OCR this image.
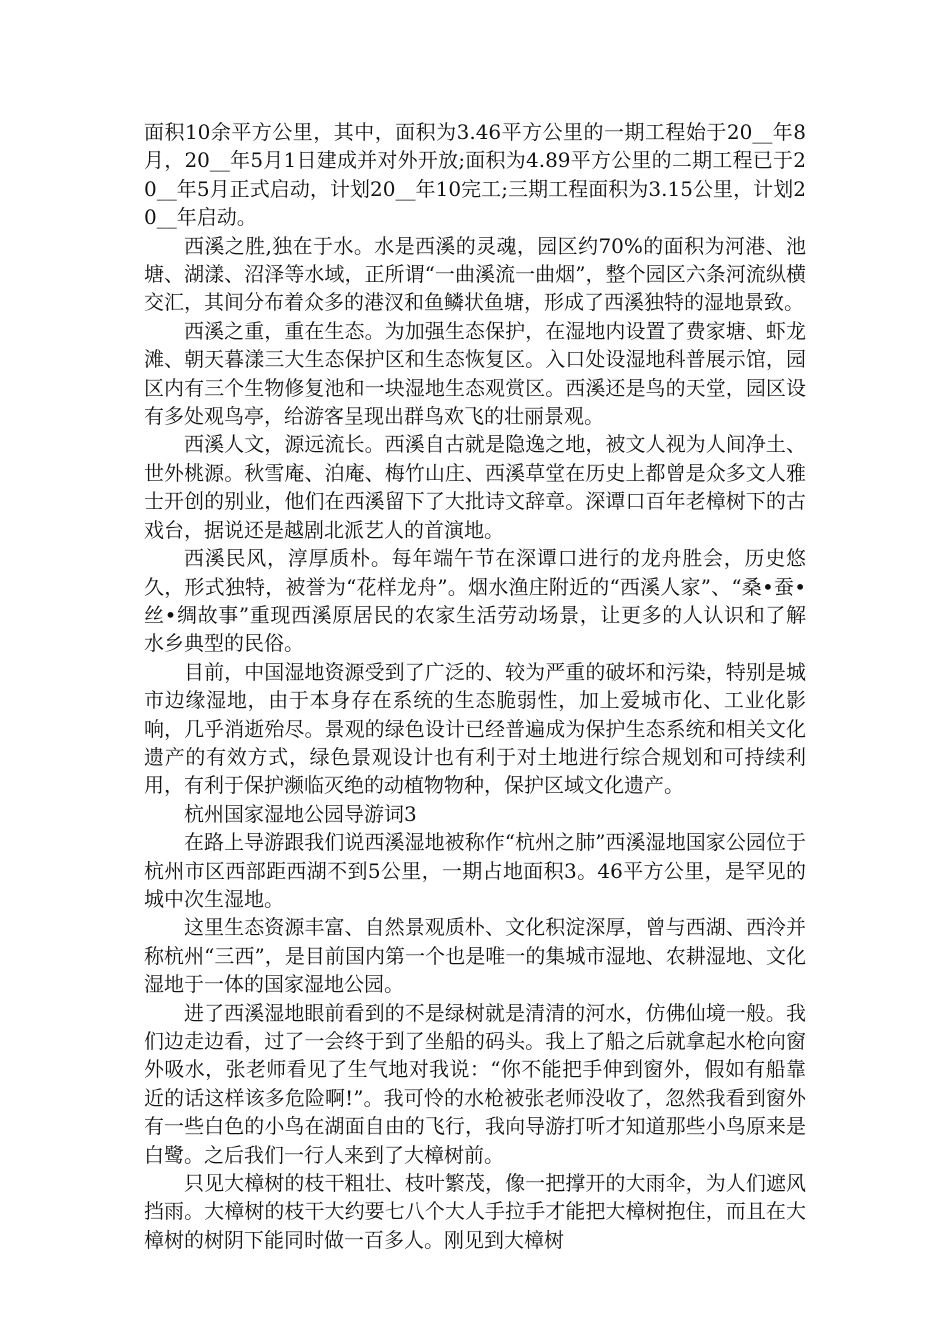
面积10余平方公里，其中，面积为3.46平方公里的一期工程始于20__年8月，20__年5月1日建成并对外开放;面积为4.89平方公里的二期工程已于20__年5月正式启动，计划20__年10完工;三期工程面积为3.15公里，计划20__年启动。

西溪之胜,独在于水。水是西溪的灵魂，园区约70%的面积为河港、池塘、湖漾、沼泽等水域，正所谓“一曲溪流一曲烟”，整个园区六条河流纵横交汇，其间分布着众多的港汊和鱼鳞状鱼塘，形成了西溪独特的湿地景致。

西溪之重，重在生态。为加强生态保护，在湿地内设置了费家塘、虾龙滩、朝天暮漾三大生态保护区和生态恢复区。入口处设湿地科普展示馆，园区内有三个生物修复池和一块湿地生态观赏区。西溪还是鸟的天堂，园区设有多处观鸟亭，给游客呈现出群鸟欢飞的壮丽景观。

西溪人文，源远流长。西溪自古就是隐逸之地，被文人视为人间净土、世外桃源。秋雪庵、泊庵、梅竹山庄、西溪草堂在历史上都曾是众多文人雅士开创的别业，他们在西溪留下了大批诗文辞章。深谭口百年老樟树下的古戏台，据说还是越剧北派艺人的首演地。

西溪民风，淳厚质朴。每年端午节在深谭口进行的龙舟胜会，历史悠久，形式独特，被誉为“花样龙舟”。烟水渔庄附近的“西溪人家”、“桑•蚕•丝•绸故事”重现西溪原居民的农家生活劳动场景，让更多的人认识和了解水乡典型的民俗。

目前，中国湿地资源受到了广泛的、较为严重的破坏和污染，特别是城市边缘湿地，由于本身存在系统的生态脆弱性，加上爱城市化、工业化影响，几乎消逝殆尽。景观的绿色设计已经普遍成为保护生态系统和相关文化遗产的有效方式，绿色景观设计也有利于对土地进行综合规划和可持续利用，有利于保护濒临灭绝的动植物物种，保护区域文化遗产。

杭州国家湿地公园导游词3

在路上导游跟我们说西溪湿地被称作“杭州之肺”西溪湿地国家公园位于杭州市区西部距西湖不到5公里，一期占地面积3。46平方公里，是罕见的城中次生湿地。

这里生态资源丰富、自然景观质朴、文化积淀深厚，曾与西湖、西泠并称杭州“三西”，是目前国内第一个也是唯一的集城市湿地、农耕湿地、文化湿地于一体的国家湿地公园。

进了西溪湿地眼前看到的不是绿树就是清清的河水，仿佛仙境一般。我们边走边看，过了一会终于到了坐船的码头。我上了船之后就拿起水枪向窗外吸水，张老师看见了生气地对我说：“你不能把手伸到窗外，假如有船靠近的话这样该多危险啊!”。我可怜的水枪被张老师没收了，忽然我看到窗外有一些白色的小鸟在湖面自由的飞行，我向导游打听才知道那些小鸟原来是白鹭。之后我们一行人来到了大樟树前。

只见大樟树的枝干粗壮、枝叶繁茂，像一把撑开的大雨伞，为人们遮风挡雨。大樟树的枝干大约要七八个大人手拉手才能把大樟树抱住，而且在大樟树的树阴下能同时做一百多人。刚见到大樟树
